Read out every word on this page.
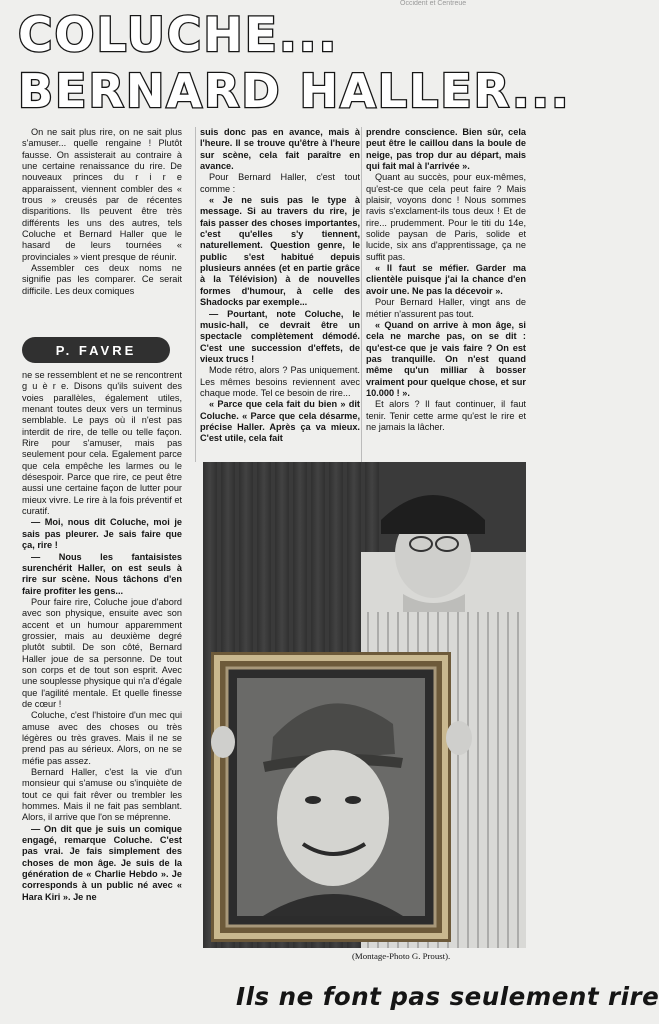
Occident et Centreue
COLUCHE...
BERNARD HALLER...

On ne sait plus rire, on ne sait plus s'amuser... quelle rengaine ! Plutôt fausse. On assisterait au contraire à une certaine renaissance du rire. De nouveaux princes du r i r e apparaissent, viennent combler des « trous » creusés par de récentes disparitions. Ils peuvent être très différents les uns des autres, tels Coluche et Bernard Haller que le hasard de leurs tournées « provinciales » vient presque de réunir.

Assembler ces deux noms ne signifie pas les comparer. Ce serait difficile. Les deux comiques

P. FAVRE

ne se ressemblent et ne se rencontrent g u è r e. Disons qu'ils suivent des voies parallèles, également utiles, menant toutes deux vers un terminus semblable. Le pays où il n'est pas interdit de rire, de telle ou telle façon. Rire pour s'amuser, mais pas seulement pour cela. Egalement parce que cela empêche les larmes ou le désespoir. Parce que rire, ce peut être aussi une certaine façon de lutter pour mieux vivre. Le rire à la fois préventif et curatif.

— Moi, nous dit Coluche, moi je sais pas pleurer. Je sais faire que ça, rire !

— Nous les fantaisistes surenchérit Haller, on est seuls à rire sur scène. Nous tâchons d'en faire profiter les gens...

Pour faire rire, Coluche joue d'abord avec son physique, ensuite avec son accent et un humour apparemment grossier, mais au deuxième degré plutôt subtil. De son côté, Bernard Haller joue de sa personne. De tout son corps et de tout son esprit. Avec une souplesse physique qui n'a d'égale que l'agilité mentale. Et quelle finesse de cœur !

Coluche, c'est l'histoire d'un mec qui amuse avec des choses ou très légères ou très graves. Mais il ne se prend pas au sérieux. Alors, on ne se méfie pas assez.

Bernard Haller, c'est la vie d'un monsieur qui s'amuse ou s'inquiète de tout ce qui fait rêver ou trembler les hommes. Mais il ne fait pas semblant. Alors, il arrive que l'on se méprenne.

— On dit que je suis un comique engagé, remarque Coluche. C'est pas vrai. Je fais simplement des choses de mon âge. Je suis de la génération de « Charlie Hebdo ». Je corresponds à un public né avec « Hara Kiri ». Je ne

suis donc pas en avance, mais à l'heure. Il se trouve qu'être à l'heure sur scène, cela fait paraître en avance.

Pour Bernard Haller, c'est tout comme :

« Je ne suis pas le type à message. Si au travers du rire, je fais passer des choses importantes, c'est qu'elles s'y tiennent, naturellement. Question genre, le public s'est habitué depuis plusieurs années (et en partie grâce à la Télévision) à de nouvelles formes d'humour, à celle des Shadocks par exemple...

— Pourtant, note Coluche, le music-hall, ce devrait être un spectacle complètement démodé. C'est une succession d'effets, de vieux trucs !

Mode rétro, alors ? Pas uniquement. Les mêmes besoins reviennent avec chaque mode. Tel ce besoin de rire...

« Parce que cela fait du bien » dit Coluche. « Parce que cela désarme, précise Haller. Après ça va mieux. C'est utile, cela fait

prendre conscience. Bien sûr, cela peut être le caillou dans la boule de neige, pas trop dur au départ, mais qui fait mal à l'arrivée ».

Quant au succès, pour eux-mêmes, qu'est-ce que cela peut faire ? Mais plaisir, voyons donc ! Nous sommes ravis s'exclament-ils tous deux ! Et de rire... prudemment. Pour le titi du 14e, solide paysan de Paris, solide et lucide, six ans d'apprentissage, ça ne suffit pas.

« Il faut se méfier. Garder ma clientèle puisque j'ai la chance d'en avoir une. Ne pas la décevoir ».

Pour Bernard Haller, vingt ans de métier n'assurent pas tout.

« Quand on arrive à mon âge, si cela ne marche pas, on se dit : qu'est-ce que je vais faire ? On est pas tranquille. On n'est quand même qu'un milliar à bosser vraiment pour quelque chose, et sur 10.000 ! ».

Et alors ? Il faut continuer, il faut tenir. Tenir cette arme qu'est le rire et ne jamais la lâcher.

(Montage-Photo G. Proust).
Ils ne font pas seulement rire
